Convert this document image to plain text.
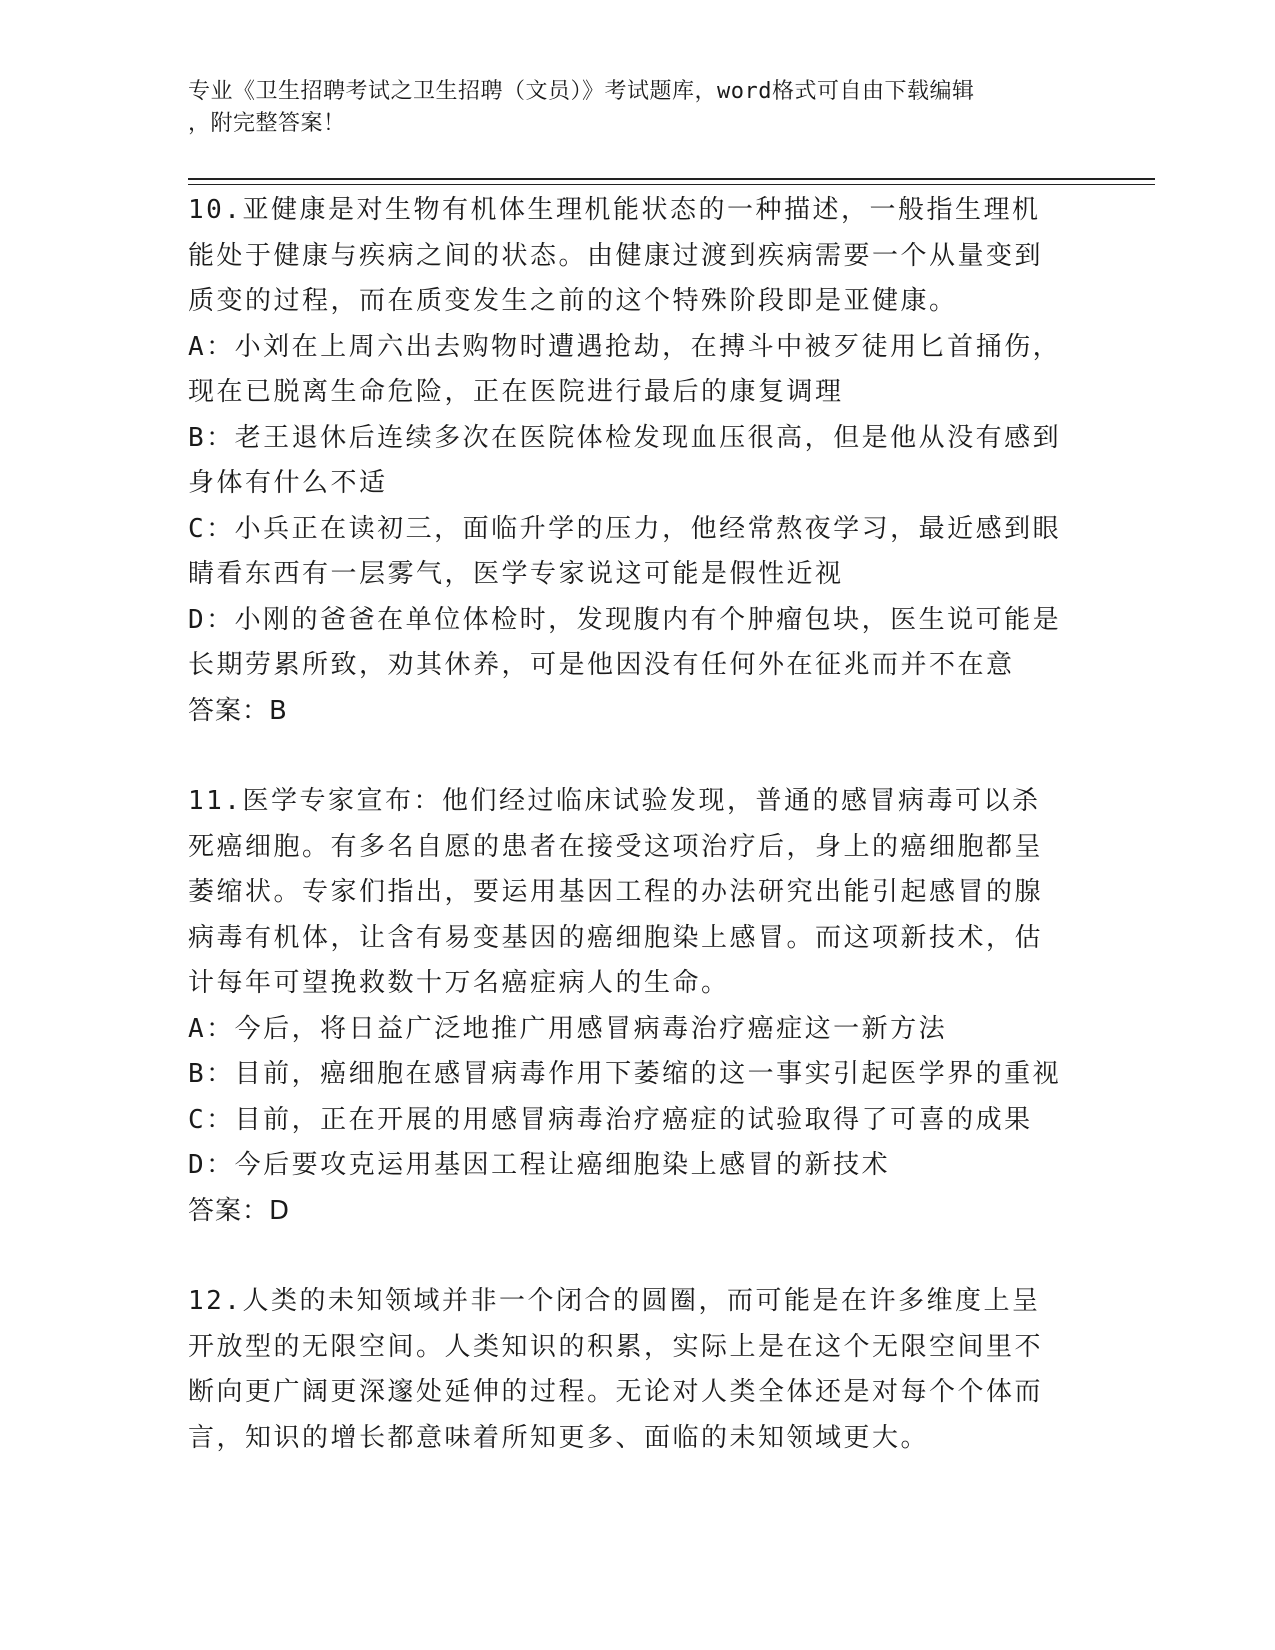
专业《卫生招聘考试之卫生招聘（文员）》考试题库，word格式可自由下载编辑
，附完整答案！

10.亚健康是对生物有机体生理机能状态的一种描述，一般指生理机能处于健康与疾病之间的状态。由健康过渡到疾病需要一个从量变到质变的过程，而在质变发生之前的这个特殊阶段即是亚健康。

A：小刘在上周六出去购物时遭遇抢劫，在搏斗中被歹徒用匕首捅伤，现在已脱离生命危险，正在医院进行最后的康复调理

B：老王退休后连续多次在医院体检发现血压很高，但是他从没有感到身体有什么不适

C：小兵正在读初三，面临升学的压力，他经常熬夜学习，最近感到眼睛看东西有一层雾气，医学专家说这可能是假性近视

D：小刚的爸爸在单位体检时，发现腹内有个肿瘤包块，医生说可能是长期劳累所致，劝其休养，可是他因没有任何外在征兆而并不在意

答案：B

11.医学专家宣布：他们经过临床试验发现，普通的感冒病毒可以杀死癌细胞。有多名自愿的患者在接受这项治疗后，身上的癌细胞都呈萎缩状。专家们指出，要运用基因工程的办法研究出能引起感冒的腺病毒有机体，让含有易变基因的癌细胞染上感冒。而这项新技术，估计每年可望挽救数十万名癌症病人的生命。

A：今后，将日益广泛地推广用感冒病毒治疗癌症这一新方法

B：目前，癌细胞在感冒病毒作用下萎缩的这一事实引起医学界的重视

C：目前，正在开展的用感冒病毒治疗癌症的试验取得了可喜的成果

D：今后要攻克运用基因工程让癌细胞染上感冒的新技术

答案：D

12.人类的未知领域并非一个闭合的圆圈，而可能是在许多维度上呈开放型的无限空间。人类知识的积累，实际上是在这个无限空间里不断向更广阔更深邃处延伸的过程。无论对人类全体还是对每个个体而言，知识的增长都意味着所知更多、面临的未知领域更大。
